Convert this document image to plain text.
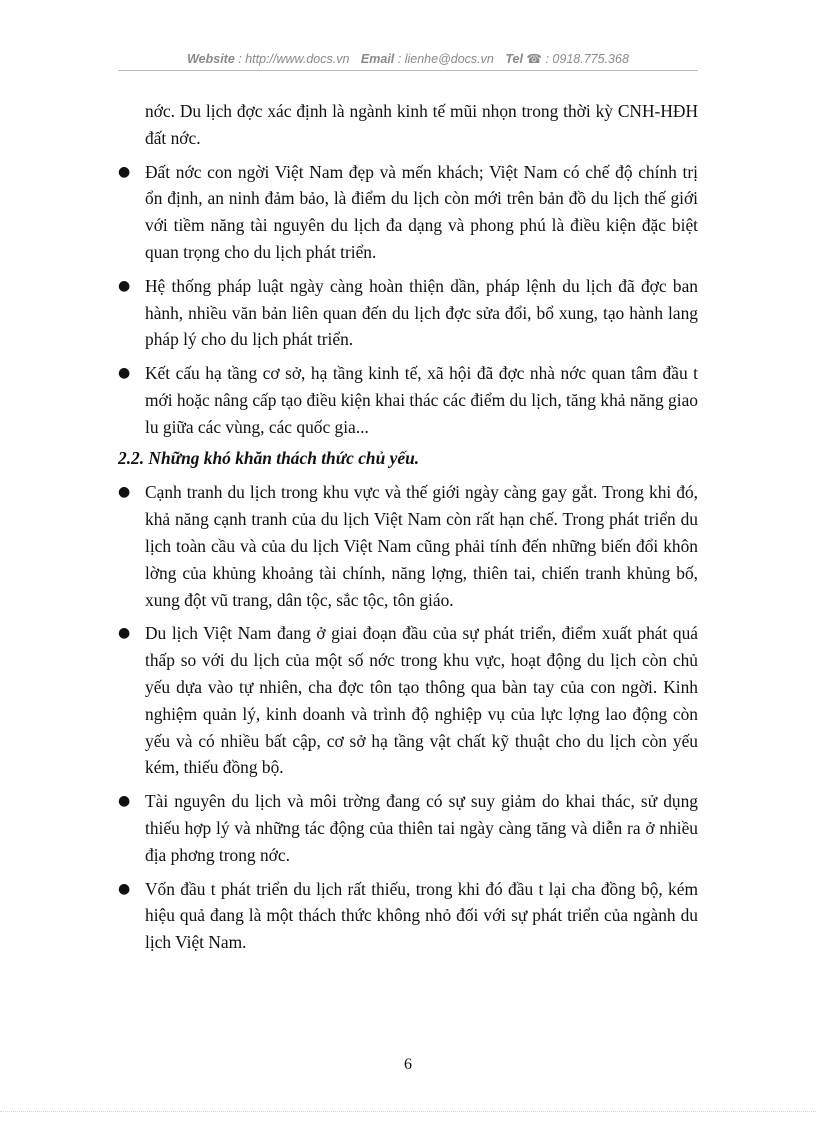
Website : http://www.docs.vn Email : lienhe@docs.vn Tel ☎ : 0918.775.368

nớc. Du lịch đợc xác định là ngành kinh tế mũi nhọn trong thời kỳ CNH-HĐH đất nớc.

● Đất nớc con ngời Việt Nam đẹp và mến khách; Việt Nam có chế độ chính trị ổn định, an ninh đảm bảo, là điểm du lịch còn mới trên bản đồ du lịch thế giới với tiềm năng tài nguyên du lịch đa dạng và phong phú là điều kiện đặc biệt quan trọng cho du lịch phát triển.
● Hệ thống pháp luật ngày càng hoàn thiện dần, pháp lệnh du lịch đã đợc ban hành, nhiều văn bản liên quan đến du lịch đợc sửa đổi, bổ xung, tạo hành lang pháp lý cho du lịch phát triển.
● Kết cấu hạ tầng cơ sở, hạ tầng kinh tế, xã hội đã đợc nhà nớc quan tâm đầu t mới hoặc nâng cấp tạo điều kiện khai thác các điểm du lịch, tăng khả năng giao lu giữa các vùng, các quốc gia...
2.2. Những khó khăn thách thức chủ yếu.
● Cạnh tranh du lịch trong khu vực và thế giới ngày càng gay gắt. Trong khi đó, khả năng cạnh tranh của du lịch Việt Nam còn rất hạn chế. Trong phát triển du lịch toàn cầu và của du lịch Việt Nam cũng phải tính đến những biến đổi khôn lờng của khủng khoảng tài chính, năng lợng, thiên tai, chiến tranh khủng bố, xung đột vũ trang, dân tộc, sắc tộc, tôn giáo.
● Du lịch Việt Nam đang ở giai đoạn đầu của sự phát triển, điểm xuất phát quá thấp so với du lịch của một số nớc trong khu vực, hoạt động du lịch còn chủ yếu dựa vào tự nhiên, cha đợc tôn tạo thông qua bàn tay của con ngời. Kinh nghiệm quản lý, kinh doanh và trình độ nghiệp vụ của lực lợng lao động còn yếu và có nhiều bất cập, cơ sở hạ tầng vật chất kỹ thuật cho du lịch còn yếu kém, thiếu đồng bộ.
● Tài nguyên du lịch và môi trờng đang có sự suy giảm do khai thác, sử dụng thiếu hợp lý và những tác động của thiên tai ngày càng tăng và diễn ra ở nhiều địa phơng trong nớc.
● Vốn đầu t phát triển du lịch rất thiếu, trong khi đó đầu t lại cha đồng bộ, kém hiệu quả đang là một thách thức không nhỏ đối với sự phát triển của ngành du lịch Việt Nam.
6
